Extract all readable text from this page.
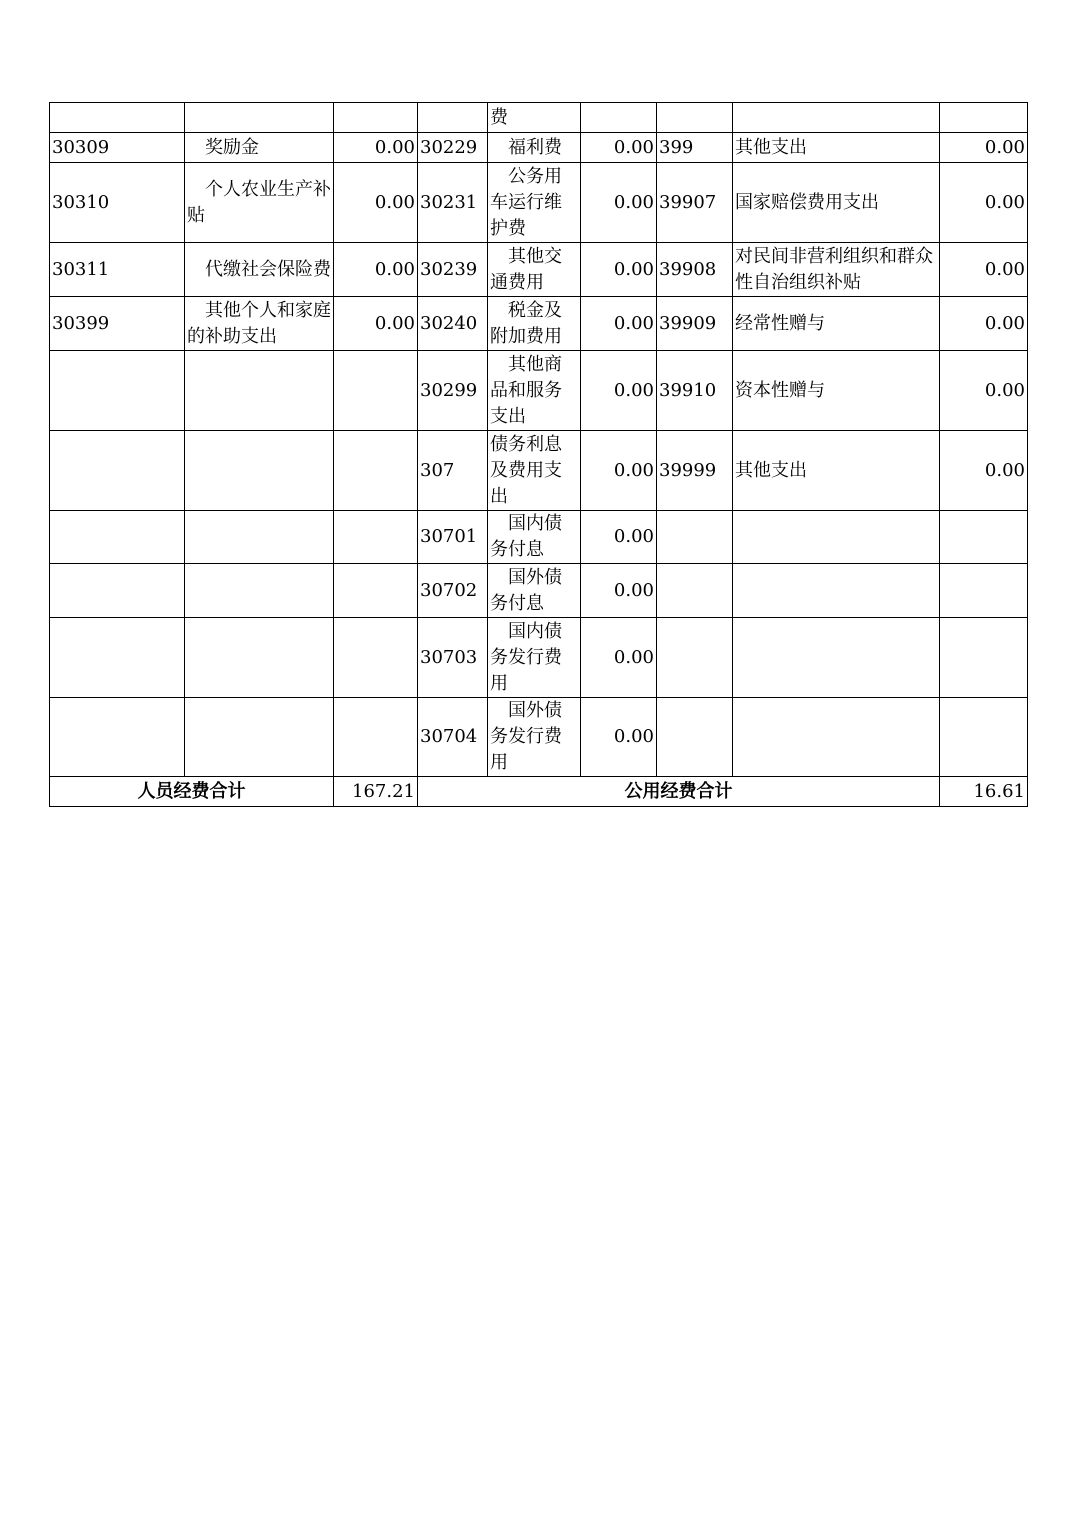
				费				
30309	奖励金	0.00	30229	福利费	0.00	399	其他支出	0.00
30310	个人农业生产补贴	0.00	30231	公务用车运行维护费	0.00	39907	国家赔偿费用支出	0.00
30311	代缴社会保险费	0.00	30239	其他交通费用	0.00	39908	对民间非营利组织和群众性自治组织补贴	0.00
30399	其他个人和家庭的补助支出	0.00	30240	税金及附加费用	0.00	39909	经常性赠与	0.00
			30299	其他商品和服务支出	0.00	39910	资本性赠与	0.00
			307	债务利息及费用支出	0.00	39999	其他支出	0.00
			30701	国内债务付息	0.00			
			30702	国外债务付息	0.00			
			30703	国内债务发行费用	0.00			
			30704	国外债务发行费用	0.00			
人员经费合计		167.21	公用经费合计					16.61
